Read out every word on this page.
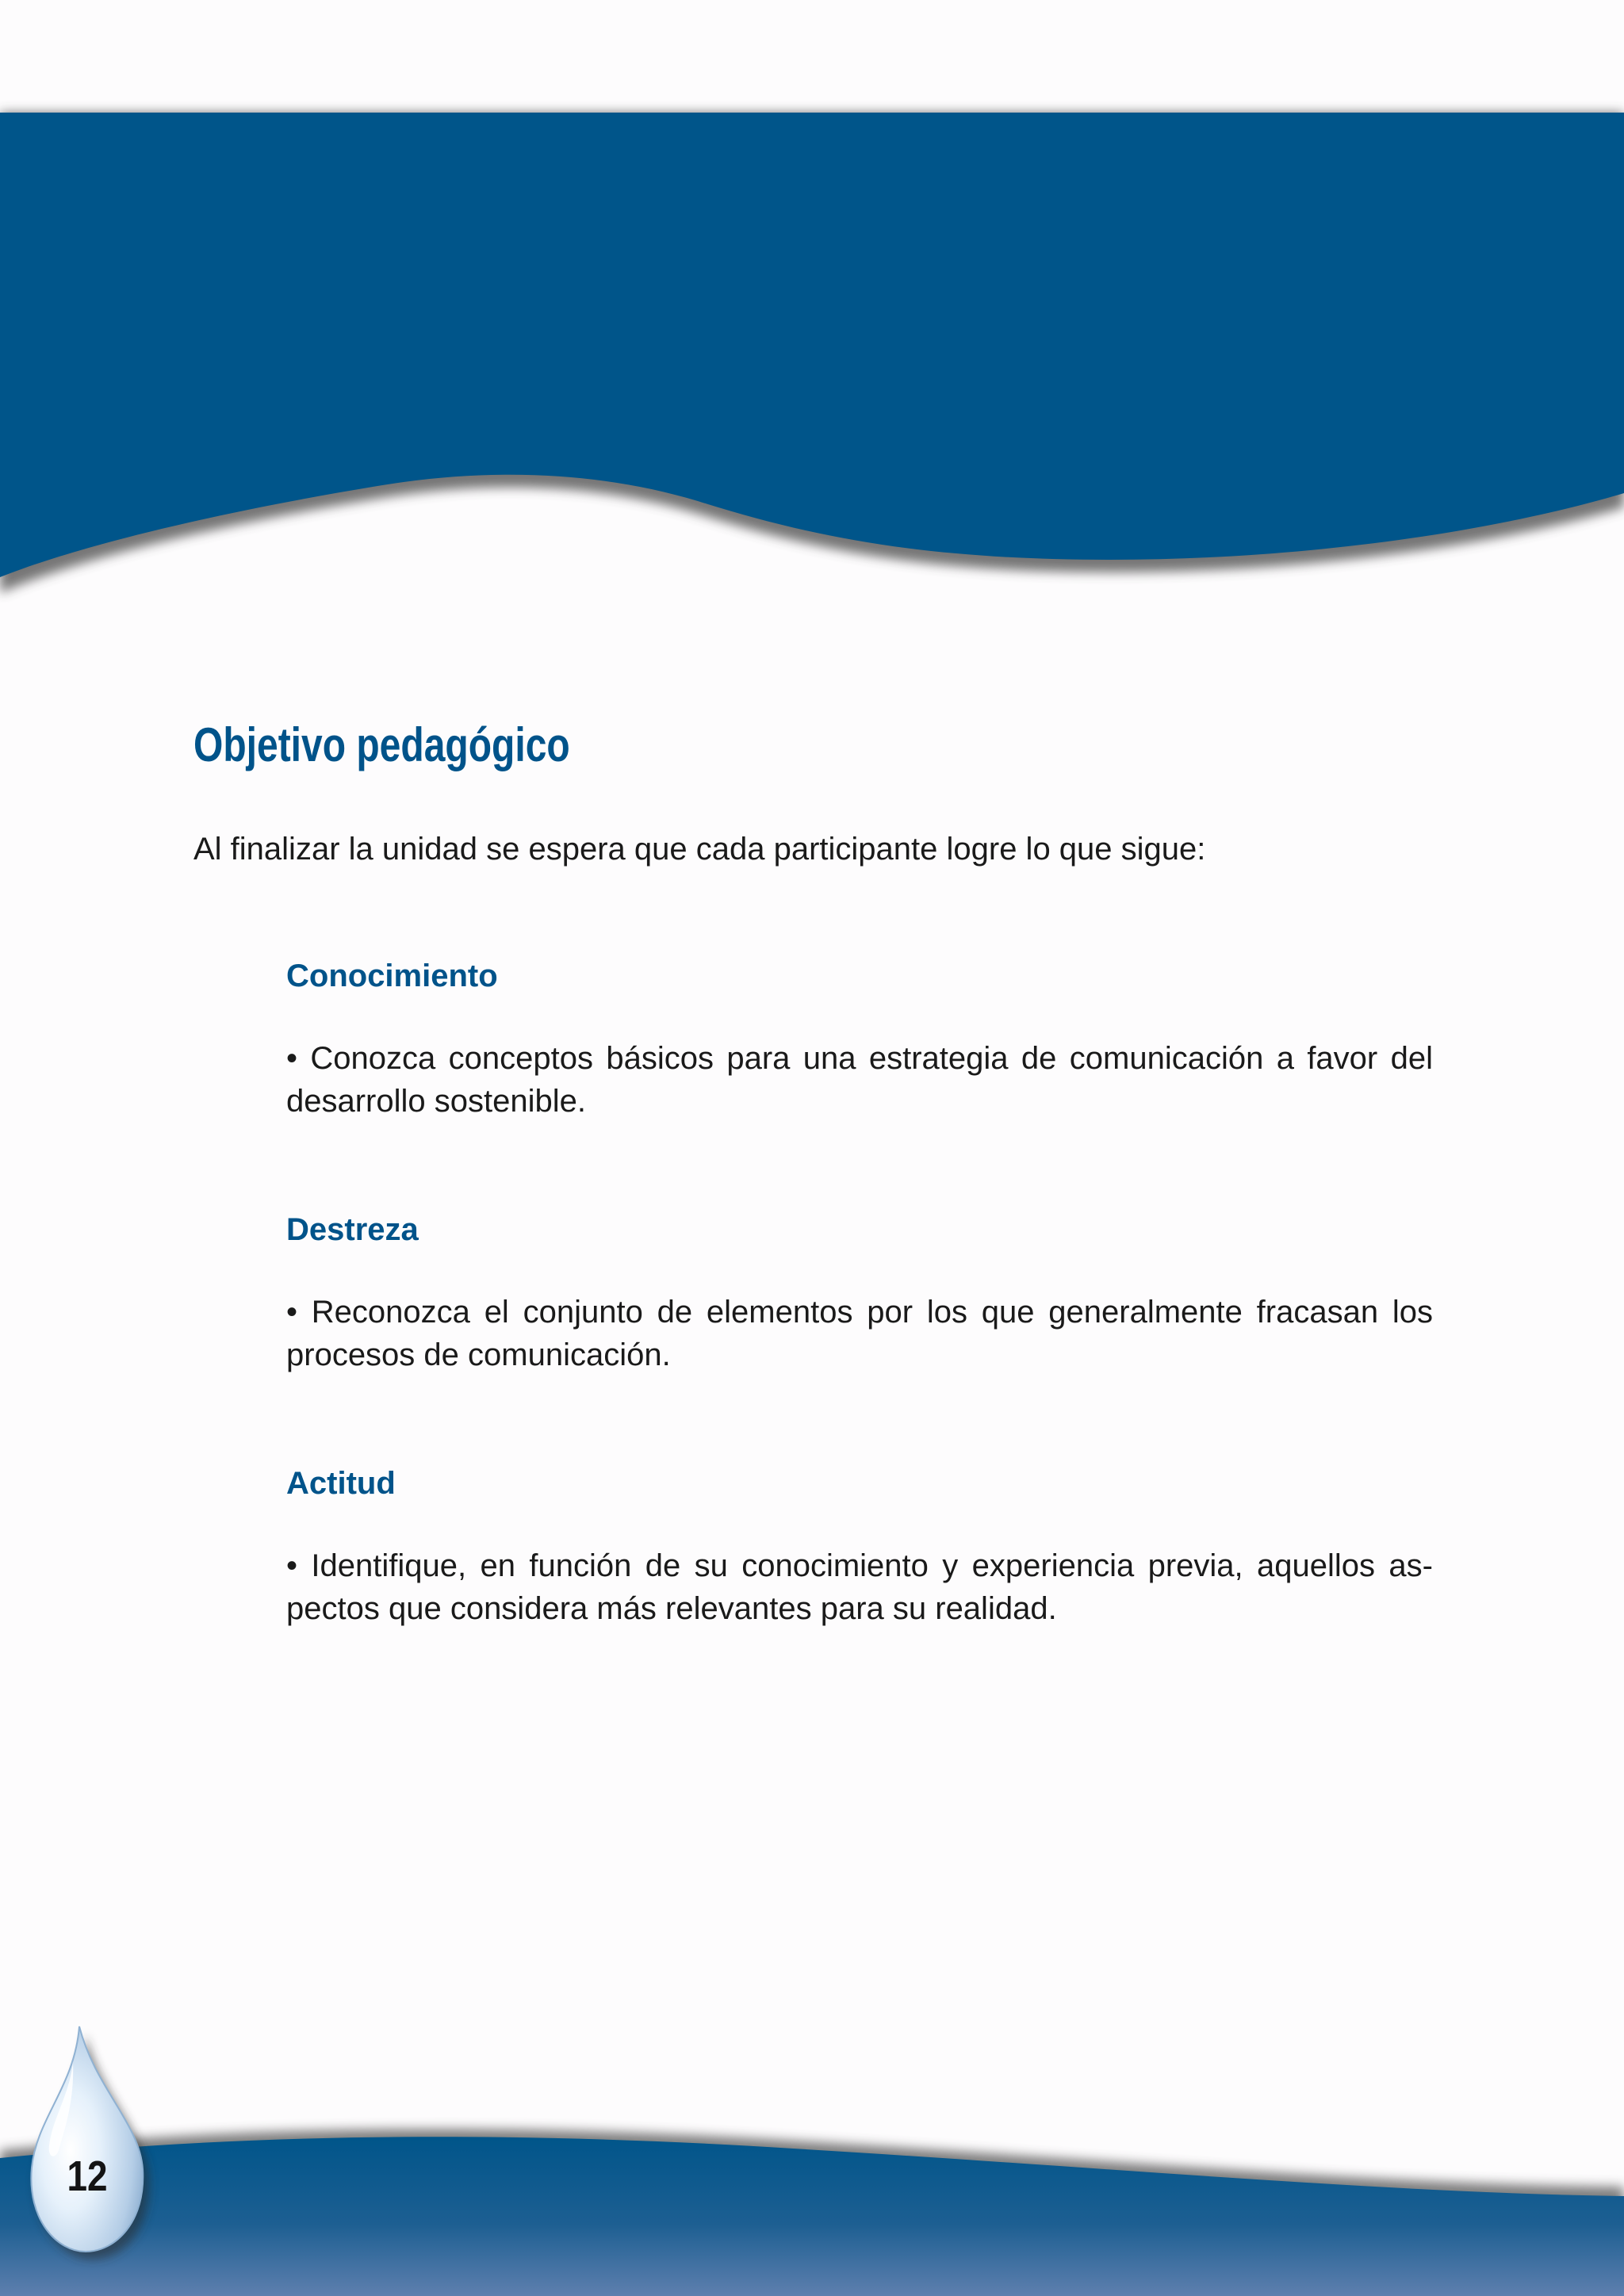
Objetivo pedagógico

Al finalizar la unidad se espera que cada participante logre lo que sigue:

Conocimiento

• Conozca conceptos básicos para una estrategia de comunicación a favor del desarrollo sostenible.

Destreza

• Reconozca el conjunto de elementos por los que generalmente fracasan los procesos de comunicación.

Actitud

• Identifique, en función de su conocimiento y experiencia previa, aquellos as-pectos que considera más relevantes para su realidad.

12
